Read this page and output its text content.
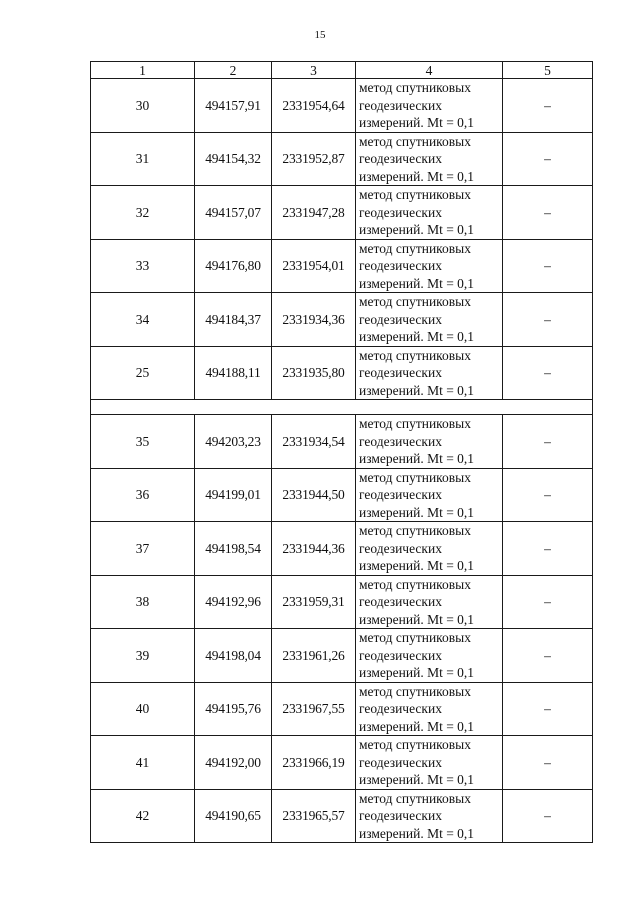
15
1	2	3	4	5
30	494157,91	2331954,64	метод спутниковых
геодезических
измерений. Mt = 0,1	–
31	494154,32	2331952,87	метод спутниковых
геодезических
измерений. Mt = 0,1	–
32	494157,07	2331947,28	метод спутниковых
геодезических
измерений. Mt = 0,1	–
33	494176,80	2331954,01	метод спутниковых
геодезических
измерений. Mt = 0,1	–
34	494184,37	2331934,36	метод спутниковых
геодезических
измерений. Mt = 0,1	–
25	494188,11	2331935,80	метод спутниковых
геодезических
измерений. Mt = 0,1	–

35	494203,23	2331934,54	метод спутниковых
геодезических
измерений. Mt = 0,1	–
36	494199,01	2331944,50	метод спутниковых
геодезических
измерений. Mt = 0,1	–
37	494198,54	2331944,36	метод спутниковых
геодезических
измерений. Mt = 0,1	–
38	494192,96	2331959,31	метод спутниковых
геодезических
измерений. Mt = 0,1	–
39	494198,04	2331961,26	метод спутниковых
геодезических
измерений. Mt = 0,1	–
40	494195,76	2331967,55	метод спутниковых
геодезических
измерений. Mt = 0,1	–
41	494192,00	2331966,19	метод спутниковых
геодезических
измерений. Mt = 0,1	–
42	494190,65	2331965,57	метод спутниковых
геодезических
измерений. Mt = 0,1	–
